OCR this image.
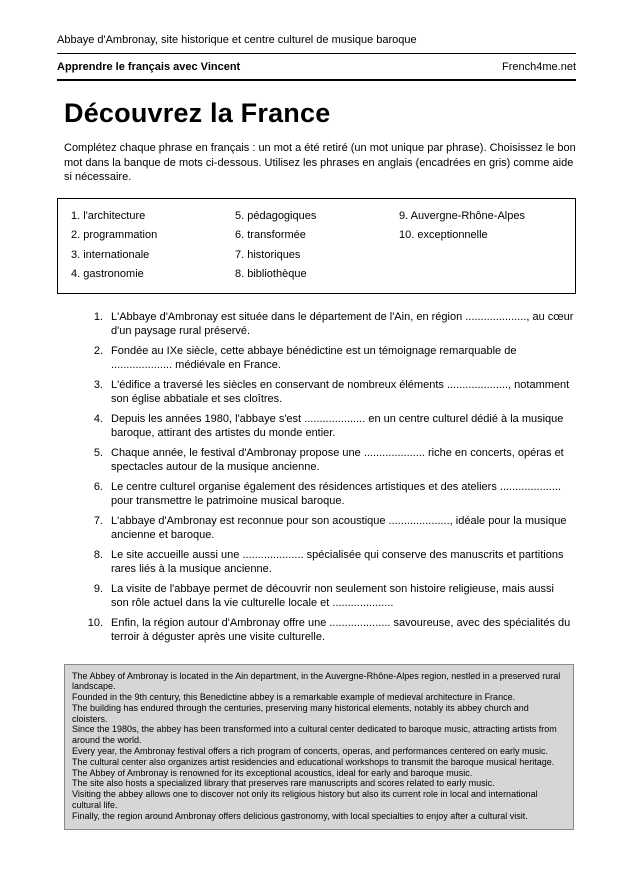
Abbaye d'Ambronay, site historique et centre culturel de musique baroque
Apprendre le français avec Vincent	French4me.net
Découvrez la France

Complétez chaque phrase en français : un mot a été retiré (un mot unique par phrase). Choisissez le bon mot dans la banque de mots ci-dessous. Utilisez les phrases en anglais (encadrées en gris) comme aide si nécessaire.

1. l'architecture
2. programmation
3. internationale
4. gastronomie
5. pédagogiques
6. transformée
7. historiques
8. bibliothèque
9. Auvergne-Rhône-Alpes
10. exceptionnelle
1. L'Abbaye d'Ambronay est située dans le département de l'Ain, en région ...................., au cœur d'un paysage rural préservé.
2. Fondée au IXe siècle, cette abbaye bénédictine est un témoignage remarquable de .................... médiévale en France.
3. L'édifice a traversé les siècles en conservant de nombreux éléments ...................., notamment son église abbatiale et ses cloîtres.
4. Depuis les années 1980, l'abbaye s'est .................... en un centre culturel dédié à la musique baroque, attirant des artistes du monde entier.
5. Chaque année, le festival d'Ambronay propose une .................... riche en concerts, opéras et spectacles autour de la musique ancienne.
6. Le centre culturel organise également des résidences artistiques et des ateliers .................... pour transmettre le patrimoine musical baroque.
7. L'abbaye d'Ambronay est reconnue pour son acoustique ...................., idéale pour la musique ancienne et baroque.
8. Le site accueille aussi une .................... spécialisée qui conserve des manuscrits et partitions rares liés à la musique ancienne.
9. La visite de l'abbaye permet de découvrir non seulement son histoire religieuse, mais aussi son rôle actuel dans la vie culturelle locale et ....................
10. Enfin, la région autour d'Ambronay offre une .................... savoureuse, avec des spécialités du terroir à déguster après une visite culturelle.

The Abbey of Ambronay is located in the Ain department, in the Auvergne-Rhône-Alpes region, nestled in a preserved rural landscape.

Founded in the 9th century, this Benedictine abbey is a remarkable example of medieval architecture in France.

The building has endured through the centuries, preserving many historical elements, notably its abbey church and cloisters.

Since the 1980s, the abbey has been transformed into a cultural center dedicated to baroque music, attracting artists from around the world.

Every year, the Ambronay festival offers a rich program of concerts, operas, and performances centered on early music.

The cultural center also organizes artist residencies and educational workshops to transmit the baroque musical heritage.

The Abbey of Ambronay is renowned for its exceptional acoustics, ideal for early and baroque music.

The site also hosts a specialized library that preserves rare manuscripts and scores related to early music.

Visiting the abbey allows one to discover not only its religious history but also its current role in local and international cultural life.

Finally, the region around Ambronay offers delicious gastronomy, with local specialties to enjoy after a cultural visit.
